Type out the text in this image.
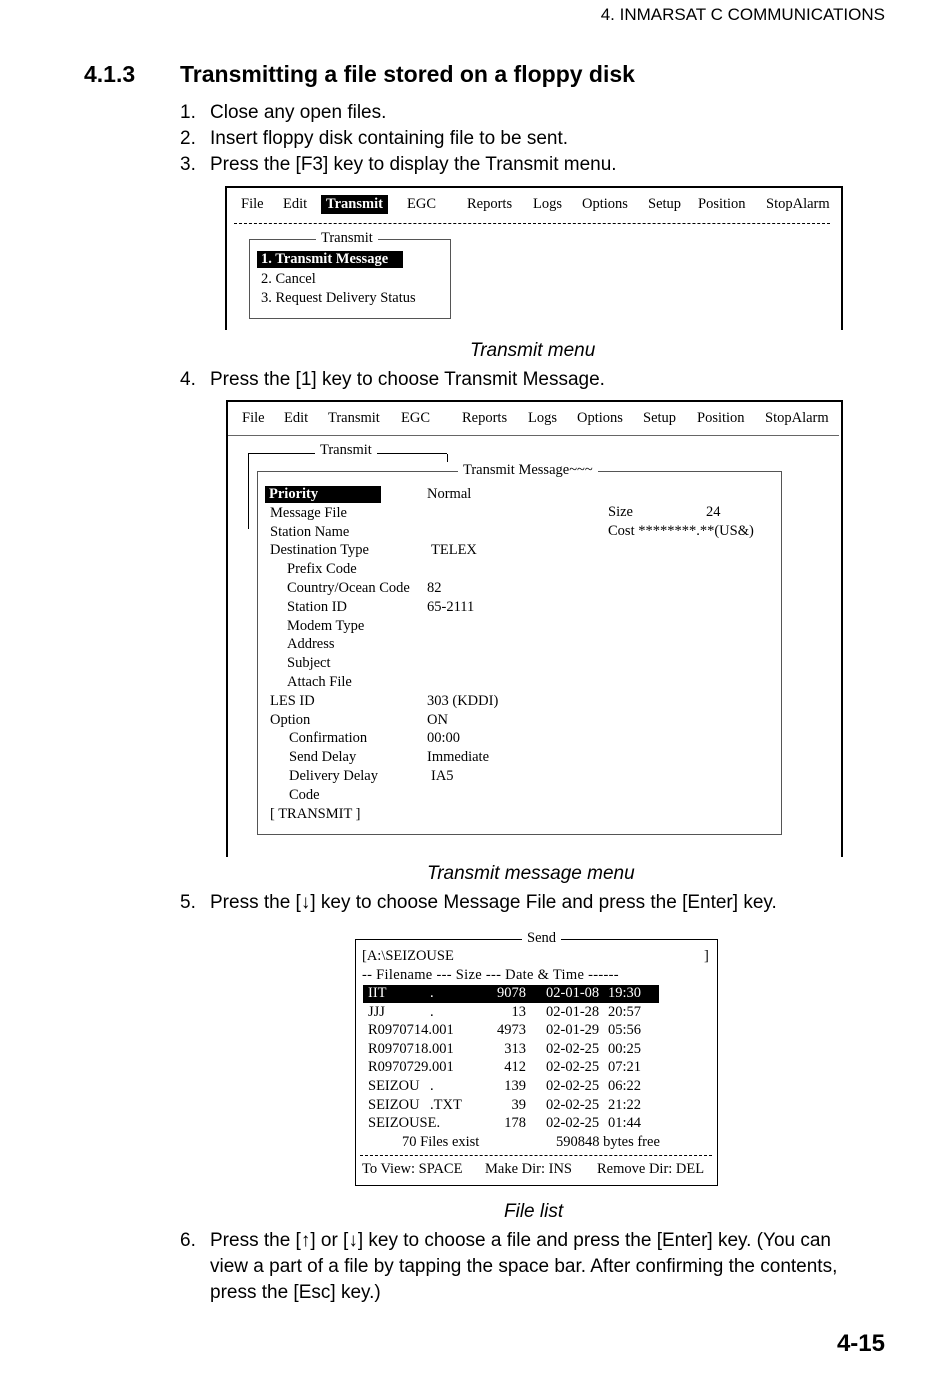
4. INMARSAT C COMMUNICATIONS
4.1.3 Transmitting a file stored on a floppy disk
1. Close any open files.
2. Insert floppy disk containing file to be sent.
3. Press the [F3] key to display the Transmit menu.
File Edit	Transmit	EGC Reports Logs Options Setup Position StopAlarm
Transmit
1. Transmit Message
2. Cancel
3. Request Delivery Status
Transmit menu
4. Press the [1] key to choose Transmit Message.
File Edit Transmit EGC Reports Logs Options Setup Position StopAlarm
Transmit
Transmit Message~~~
Size	24
Cost ********.**(US&)
Priority	Normal
Message File
Station Name
Destination Type	TELEX
Prefix Code
Country/Ocean Code 82
Station ID	65-2111
Modem Type
Address
Subject
Attach File
LES ID	303 (KDDI)
Option	ON
Confirmation	00:00
Send Delay	Immediate
Delivery Delay	IA5
Code
[ TRANSMIT ]
Transmit message menu
5. Press the [↓] key to choose Message File and press the [Enter] key.
Send
[A:\SEIZOUSE	]
-- Filename --- Size --- Date & Time ------
70 Files exist	590848 bytes free
To View: SPACE Make Dir: INS Remove Dir: DEL
IIT	.	9078 02-01-08 19:30
JJJ	.	13 02-01-28 20:57
R0970714.001	4973 02-01-29 05:56
R0970718.001	313 02-02-25 00:25
R0970729.001	412 02-02-25 07:21
SEIZOU .	139 02-02-25 06:22
SEIZOU .TXT	39 02-02-25 21:22
SEIZOUSE.	178 02-02-25 01:44
File list
6. Press the [↑] or [↓] key to choose a file and press the [Enter] key. (You can
view a part of a file by tapping the space bar. After confirming the contents,
press the [Esc] key.)
4-15
